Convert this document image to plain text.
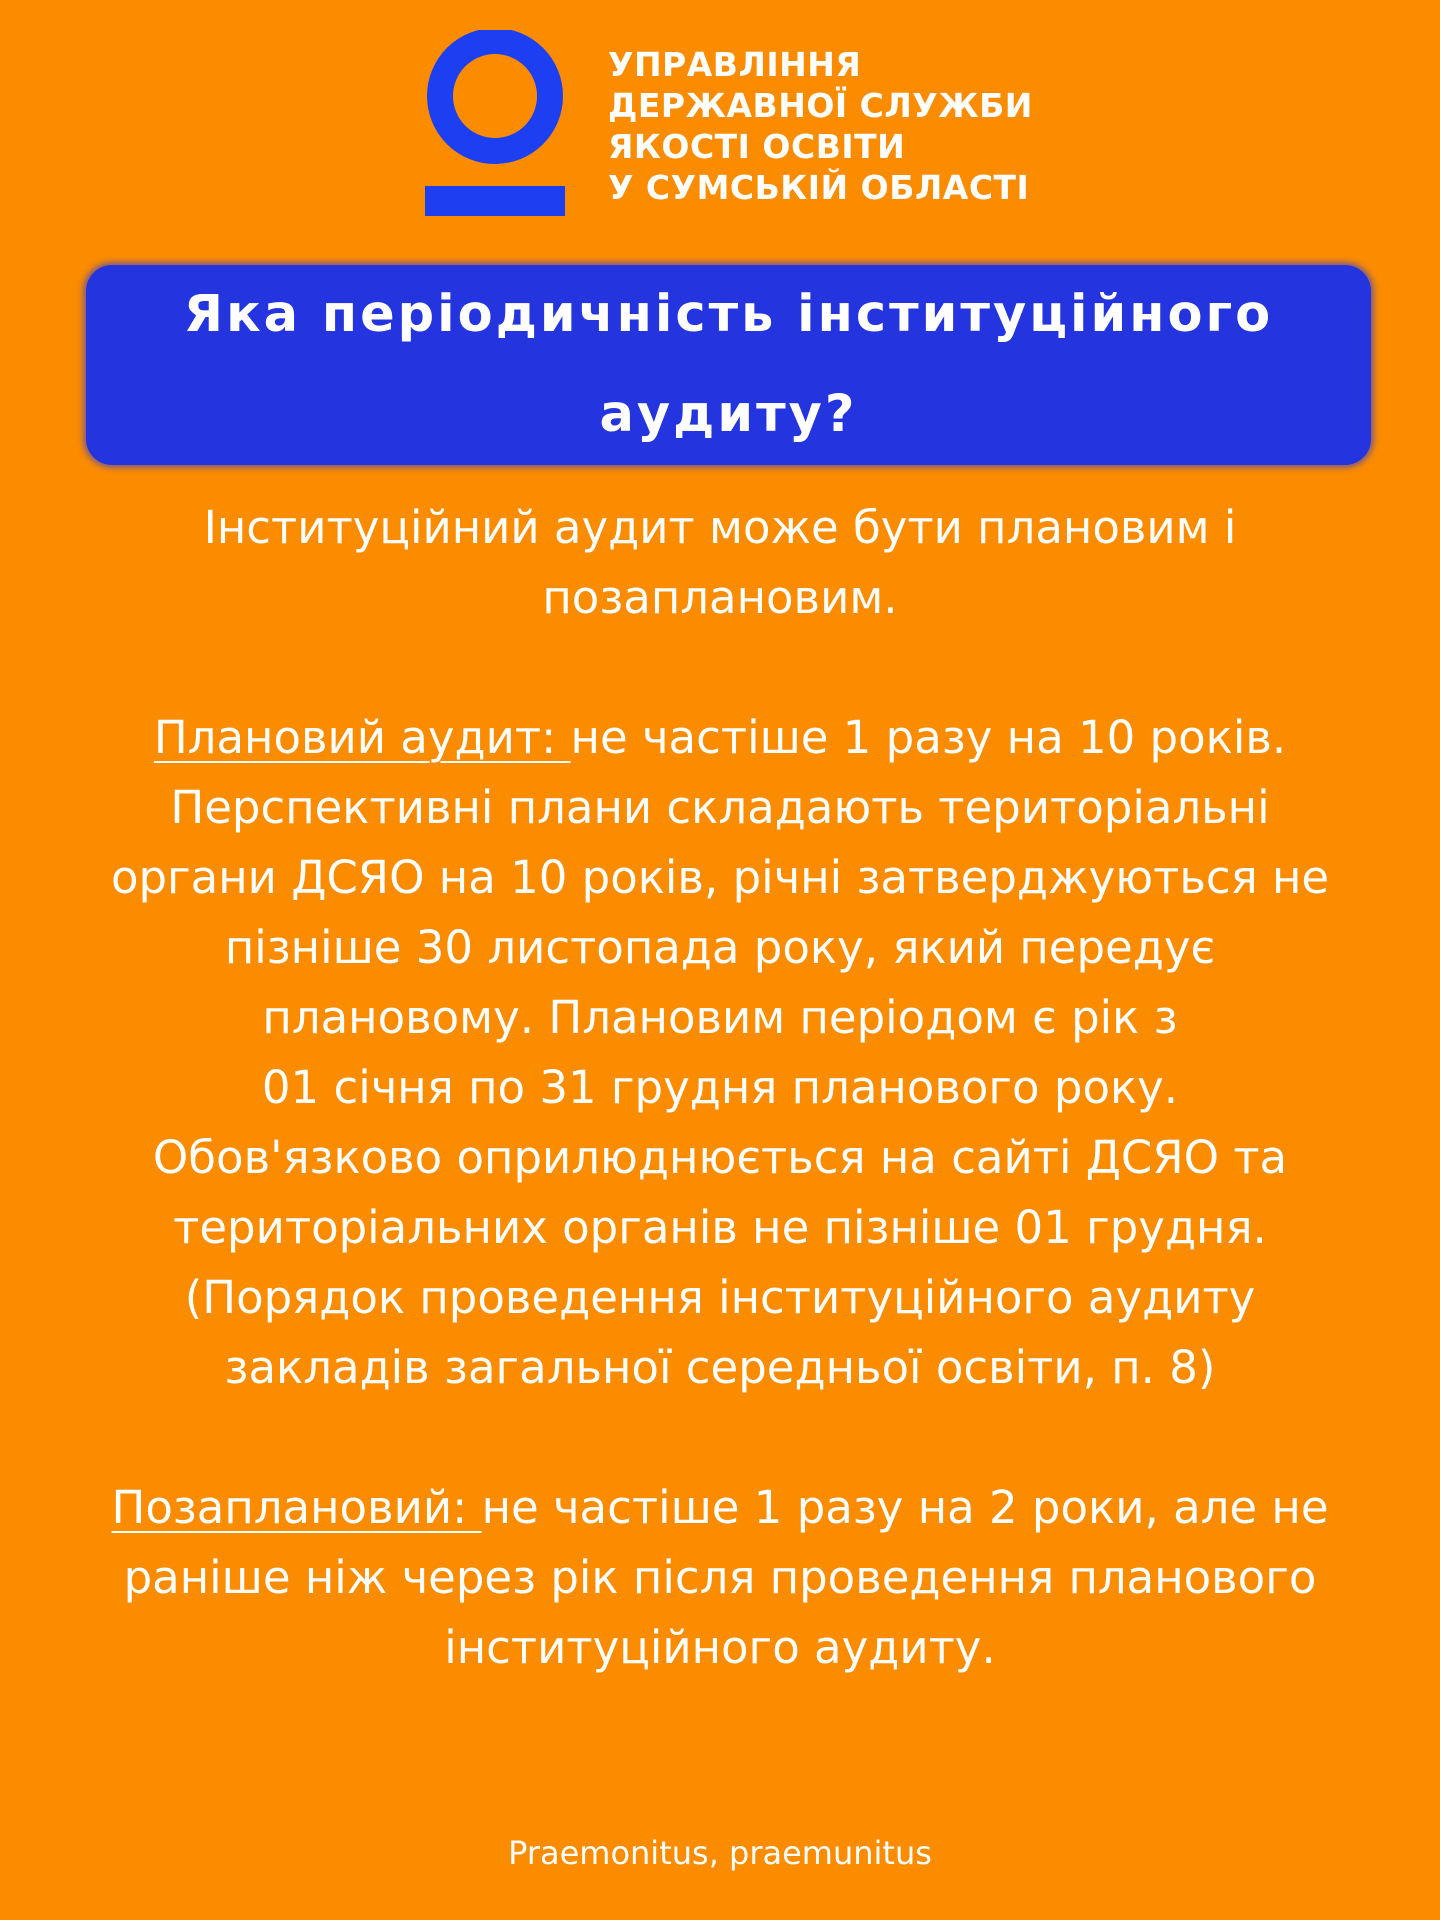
УПРАВЛІННЯ
ДЕРЖАВНОЇ СЛУЖБИ
ЯКОСТІ ОСВІТИ
У СУМСЬКІЙ ОБЛАСТІ
Яка періодичність інституційного аудиту?

Інституційний аудит може бути плановим і

позаплановим.

Плановий аудит: не частіше 1 разу на 10 років.

Перспективні плани складають територіальні

органи ДСЯО на 10 років, річні затверджуються не

пізніше 30 листопада року, який передує

плановому. Плановим періодом є рік з

01 січня по 31 грудня планового року.

Обов'язково оприлюднюється на сайті ДСЯО та

територіальних органів не пізніше 01 грудня.

(Порядок проведення інституційного аудиту

закладів загальної середньої освіти, п. 8)

Позаплановий: не частіше 1 разу на 2 роки, але не

раніше ніж через рік після проведення планового

інституційного аудиту.

Praemonitus, praemunitus
